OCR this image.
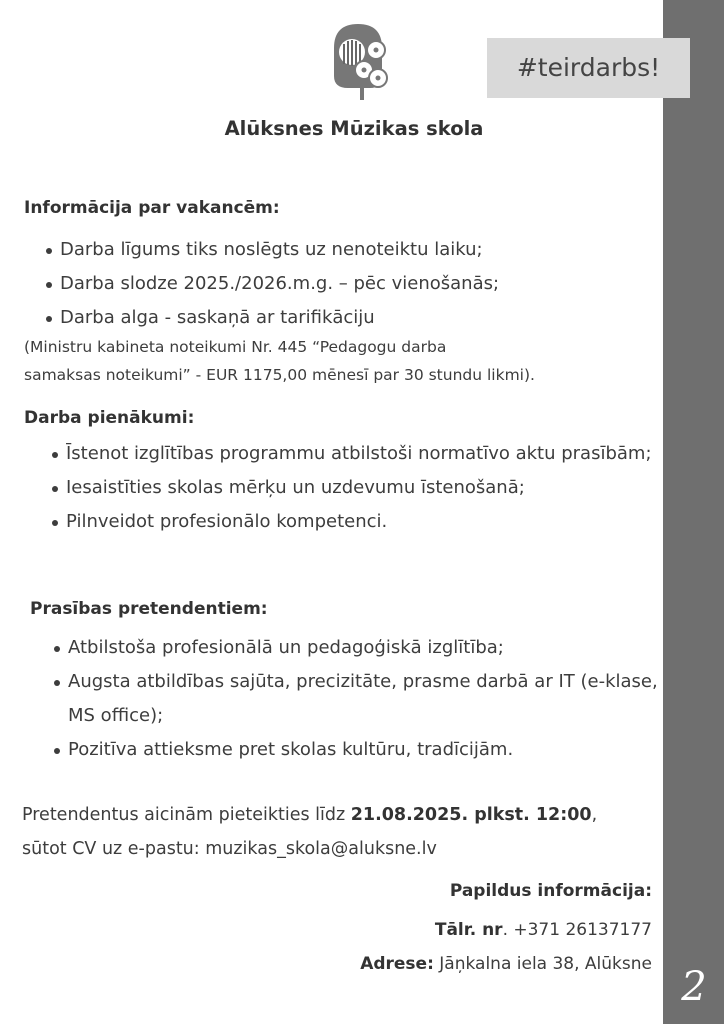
2
#teirdarbs!
Alūksnes Mūzikas skola
Informācija par vakancēm:
Darba līgums tiks noslēgts uz nenoteiktu laiku;
Darba slodze 2025./2026.m.g. – pēc vienošanās;
Darba alga - saskaņā ar tarifikāciju
(Ministru kabineta noteikumi Nr. 445 “Pedagogu darba
samaksas noteikumi” - EUR 1175,00 mēnesī par 30 stundu likmi).
Darba pienākumi:
Īstenot izglītības programmu atbilstoši normatīvo aktu prasībām;
Iesaistīties skolas mērķu un uzdevumu īstenošanā;
Pilnveidot profesionālo kompetenci.
Prasības pretendentiem:
Atbilstoša profesionālā un pedagoģiskā izglītība;
Augsta atbildības sajūta, precizitāte, prasme darbā ar IT (e-klase, MS office);
Pozitīva attieksme pret skolas kultūru, tradīcijām.
Pretendentus aicinām pieteikties līdz 21.08.2025. plkst. 12:00,
sūtot CV uz e-pastu: muzikas_skola@aluksne.lv
Papildus informācija:
Tālr. nr. +371 26137177
Adrese: Jāņkalna iela 38, Alūksne
